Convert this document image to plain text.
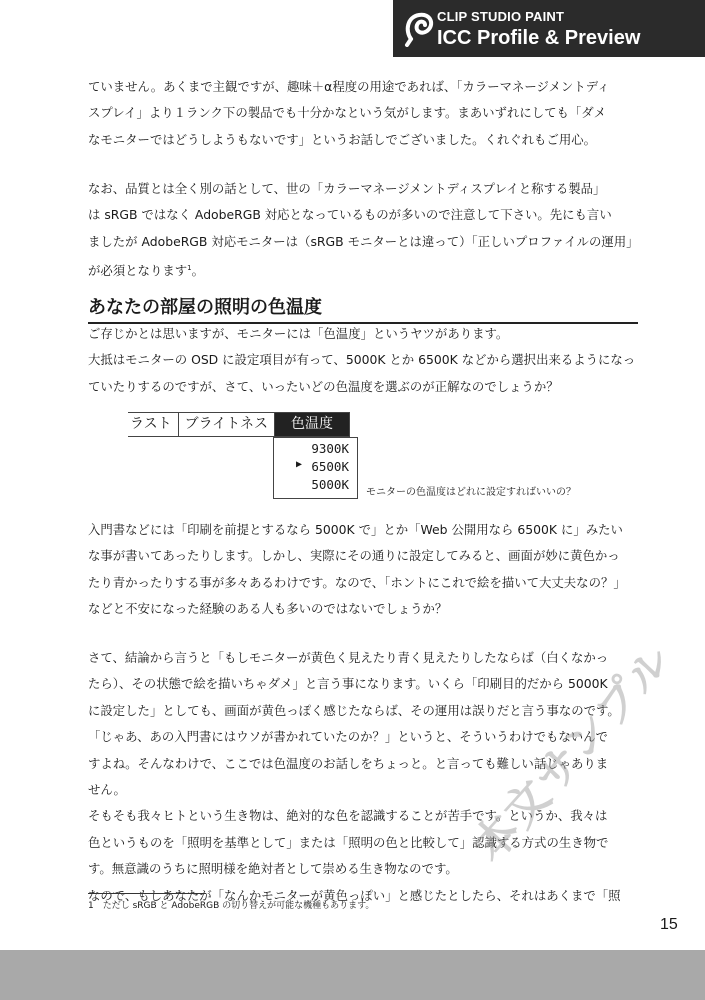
CLIP STUDIO PAINT
ICC Profile & Preview
ていません。あくまで主観ですが、趣味＋α程度の用途であれば、「カラーマネージメントディ
スプレイ」より１ランク下の製品でも十分かなという気がします。まあいずれにしても「ダメ
なモニターではどうしようもないです」というお話しでございました。くれぐれもご用心。
なお、品質とは全く別の話として、世の「カラーマネージメントディスプレイと称する製品」
は sRGB ではなく AdobeRGB 対応となっているものが多いので注意して下さい。先にも言い
ましたが AdobeRGB 対応モニターは（sRGB モニターとは違って）「正しいプロファイルの運用」
が必須となります$^1$。
あなたの部屋の照明の色温度
ご存じかとは思いますが、モニターには「色温度」というヤツがあります。
大抵はモニターの OSD に設定項目が有って、5000K とか 6500K などから選択出来るようになっ
ていたりするのですが、さて、いったいどの色温度を選ぶのが正解なのでしょうか？
ラスト ブライトネス	色温度
9300K
▶ 6500K
5000K
モニターの色温度はどれに設定すればいいの？
入門書などには「印刷を前提とするなら 5000K で」とか「Web 公開用なら 6500K に」みたい
な事が書いてあったりします。しかし、実際にその通りに設定してみると、画面が妙に黄色かっ
たり青かったりする事が多々あるわけです。なので、「ホントにこれで絵を描いて大丈夫なの？」
などと不安になった経験のある人も多いのではないでしょうか？
さて、結論から言うと「もしモニターが黄色く見えたり青く見えたりしたならば（白くなかっ
たら）、その状態で絵を描いちゃダメ」と言う事になります。いくら「印刷目的だから 5000K
に設定した」としても、画面が黄色っぽく感じたならば、その運用は誤りだと言う事なのです。
「じゃあ、あの入門書にはウソが書かれていたのか？」というと、そういうわけでもないんで
すよね。そんなわけで、ここでは色温度のお話しをちょっと。と言っても難しい話じゃありま
せん。
そもそも我々ヒトという生き物は、絶対的な色を認識することが苦手です。というか、我々は
色というものを「照明を基準として」または「照明の色と比較して」認識する方式の生き物で
す。無意識のうちに照明様を絶対者として崇める生き物なのです。
なので、もしあなたが「なんかモニターが黄色っぽい」と感じたとしたら、それはあくまで「照
1　ただし sRGB と AdobeRGB の切り替えが可能な機種もあります。
本文サンプル
15
